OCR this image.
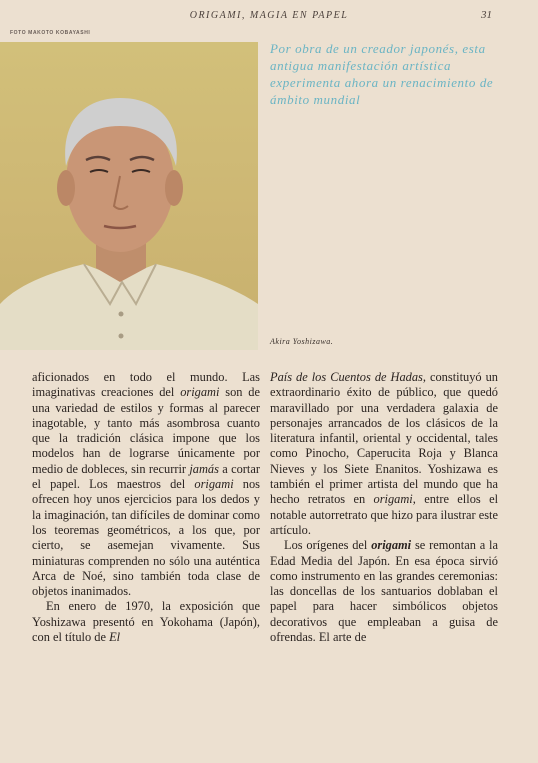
ORIGAMI, MAGIA EN PAPEL	31
FOTO MAKOTO KOBAYASHI
Por obra de un creador japonés, esta antigua manifestación artística experimenta ahora un renacimiento de ámbito mundial
Akira Yoshizawa.

aficionados en todo el mundo. Las imaginativas creaciones del origami son de una variedad de estilos y formas al parecer inagotable, y tanto más asombrosa cuanto que la tradición clásica impone que los modelos han de lograrse únicamente por medio de dobleces, sin recurrir jamás a cortar el papel. Los maestros del origami nos ofrecen hoy unos ejercicios para los dedos y la imaginación, tan difíciles de dominar como los teoremas geométricos, a los que, por cierto, se asemejan vivamente. Sus miniaturas comprenden no sólo una auténtica Arca de Noé, sino también toda clase de objetos inanimados.

En enero de 1970, la exposición que Yoshizawa presentó en Yokohama (Japón), con el título de El

País de los Cuentos de Hadas, constituyó un extraordinario éxito de público, que quedó maravillado por una verdadera galaxia de personajes arrancados de los clásicos de la literatura infantil, oriental y occidental, tales como Pinocho, Caperucita Roja y Blanca Nieves y los Siete Enanitos. Yoshizawa es también el primer artista del mundo que ha hecho retratos en origami, entre ellos el notable autorretrato que hizo para ilustrar este artículo.

Los orígenes del origami se remontan a la Edad Media del Japón. En esa época sirvió como instrumento en las grandes ceremonias: las doncellas de los santuarios doblaban el papel para hacer simbólicos objetos decorativos que empleaban a guisa de ofrendas. El arte de
